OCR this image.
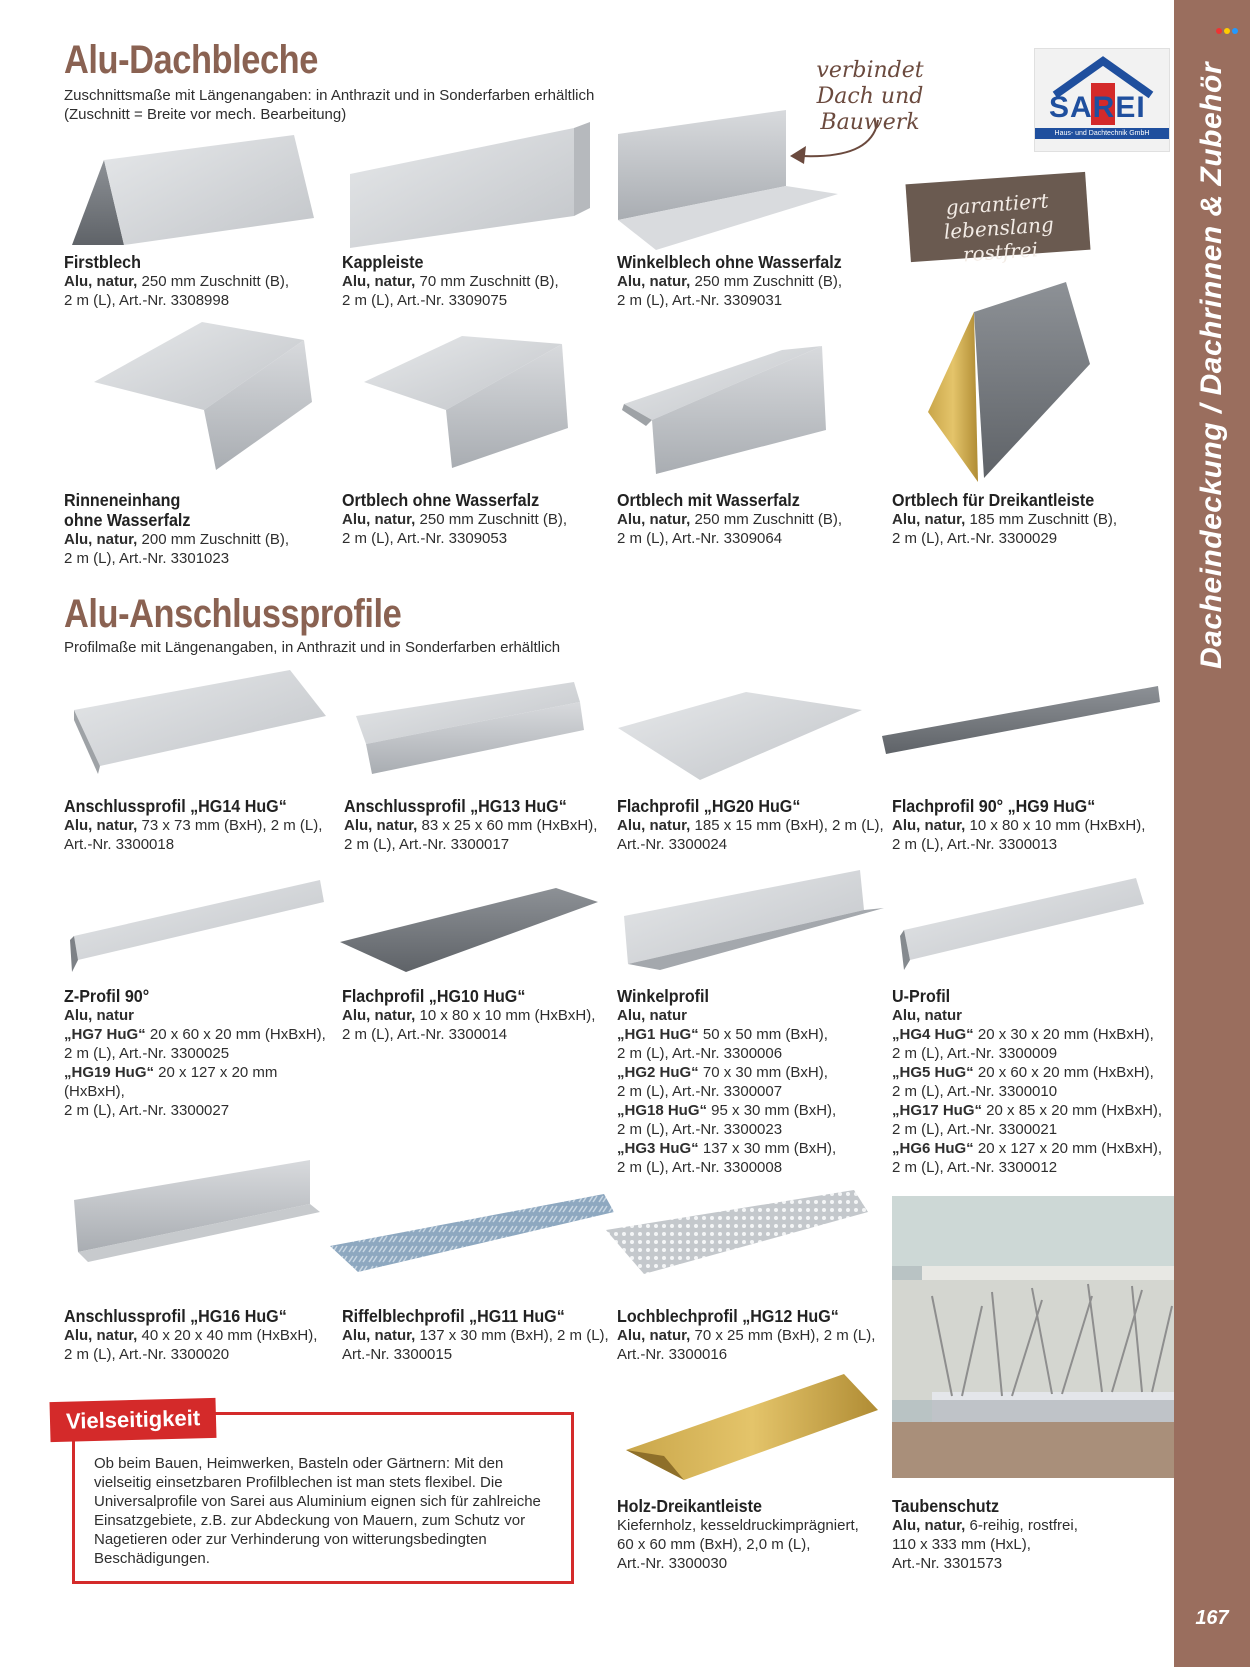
Dacheindeckung / Dachrinnen & Zubehör
167
SAREI
Haus- und Dachtechnik GmbH
verbindet Dach und Bauwerk
garantiert lebenslang rostfrei
Alu-Dachbleche
Zuschnittsmaße mit Längenangaben: in Anthrazit und in Sonderfarben erhältlich
(Zuschnitt = Breite vor mech. Bearbeitung)
Firstblech
Alu, natur, 250 mm Zuschnitt (B),
2 m (L), Art.-Nr. 3308998
Kappleiste
Alu, natur, 70 mm Zuschnitt (B),
2 m (L), Art.-Nr. 3309075
Winkelblech ohne Wasserfalz
Alu, natur, 250 mm Zuschnitt (B),
2 m (L), Art.-Nr. 3309031
Rinneneinhang
ohne Wasserfalz
Alu, natur, 200 mm Zuschnitt (B),
2 m (L), Art.-Nr. 3301023
Ortblech ohne Wasserfalz
Alu, natur, 250 mm Zuschnitt (B),
2 m (L), Art.-Nr. 3309053
Ortblech mit Wasserfalz
Alu, natur, 250 mm Zuschnitt (B),
2 m (L), Art.-Nr. 3309064
Ortblech für Dreikantleiste
Alu, natur, 185 mm Zuschnitt (B),
2 m (L), Art.-Nr. 3300029
Alu-Anschlussprofile
Profilmaße mit Längenangaben, in Anthrazit und in Sonderfarben erhältlich
Anschlussprofil „HG14 HuG“
Alu, natur, 73 x 73 mm (BxH), 2 m (L),
Art.-Nr. 3300018
Anschlussprofil „HG13 HuG“
Alu, natur, 83 x 25 x 60 mm (HxBxH),
2 m (L), Art.-Nr. 3300017
Flachprofil „HG20 HuG“
Alu, natur, 185 x 15 mm (BxH), 2 m (L),
Art.-Nr. 3300024
Flachprofil 90° „HG9 HuG“
Alu, natur, 10 x 80 x 10 mm (HxBxH),
2 m (L), Art.-Nr. 3300013
Z-Profil 90°
Alu, natur
„HG7 HuG“ 20 x 60 x 20 mm (HxBxH),
2 m (L), Art.-Nr. 3300025
„HG19 HuG“ 20 x 127 x 20 mm (HxBxH),
2 m (L), Art.-Nr. 3300027
Flachprofil „HG10 HuG“
Alu, natur, 10 x 80 x 10 mm (HxBxH),
2 m (L), Art.-Nr. 3300014
Winkelprofil
Alu, natur
„HG1 HuG“ 50 x 50 mm (BxH),
2 m (L), Art.-Nr. 3300006
„HG2 HuG“ 70 x 30 mm (BxH),
2 m (L), Art.-Nr. 3300007
„HG18 HuG“ 95 x 30 mm (BxH),
2 m (L), Art.-Nr. 3300023
„HG3 HuG“ 137 x 30 mm (BxH),
2 m (L), Art.-Nr. 3300008
U-Profil
Alu, natur
„HG4 HuG“ 20 x 30 x 20 mm (HxBxH),
2 m (L), Art.-Nr. 3300009
„HG5 HuG“ 20 x 60 x 20 mm (HxBxH),
2 m (L), Art.-Nr. 3300010
„HG17 HuG“ 20 x 85 x 20 mm (HxBxH),
2 m (L), Art.-Nr. 3300021
„HG6 HuG“ 20 x 127 x 20 mm (HxBxH),
2 m (L), Art.-Nr. 3300012
Anschlussprofil „HG16 HuG“
Alu, natur, 40 x 20 x 40 mm (HxBxH),
2 m (L), Art.-Nr. 3300020
Riffelblechprofil „HG11 HuG“
Alu, natur, 137 x 30 mm (BxH), 2 m (L),
Art.-Nr. 3300015
Lochblechprofil „HG12 HuG“
Alu, natur, 70 x 25 mm (BxH), 2 m (L),
Art.-Nr. 3300016
Holz-Dreikantleiste
Kiefernholz, kesseldruckimprägniert,
60 x 60 mm (BxH), 2,0 m (L),
Art.-Nr. 3300030
Taubenschutz
Alu, natur, 6-reihig, rostfrei,
110 x 333 mm (HxL),
Art.-Nr. 3301573
Vielseitigkeit
Ob beim Bauen, Heimwerken, Basteln oder Gärtnern: Mit den vielseitig einsetzbaren Profilblechen ist man stets flexibel. Die Universalprofile von Sarei aus Aluminium eignen sich für zahlreiche Einsatzgebiete, z.B. zur Abdeckung von Mauern, zum Schutz vor Nagetieren oder zur Verhinderung von witterungsbedingten Beschädigungen.
